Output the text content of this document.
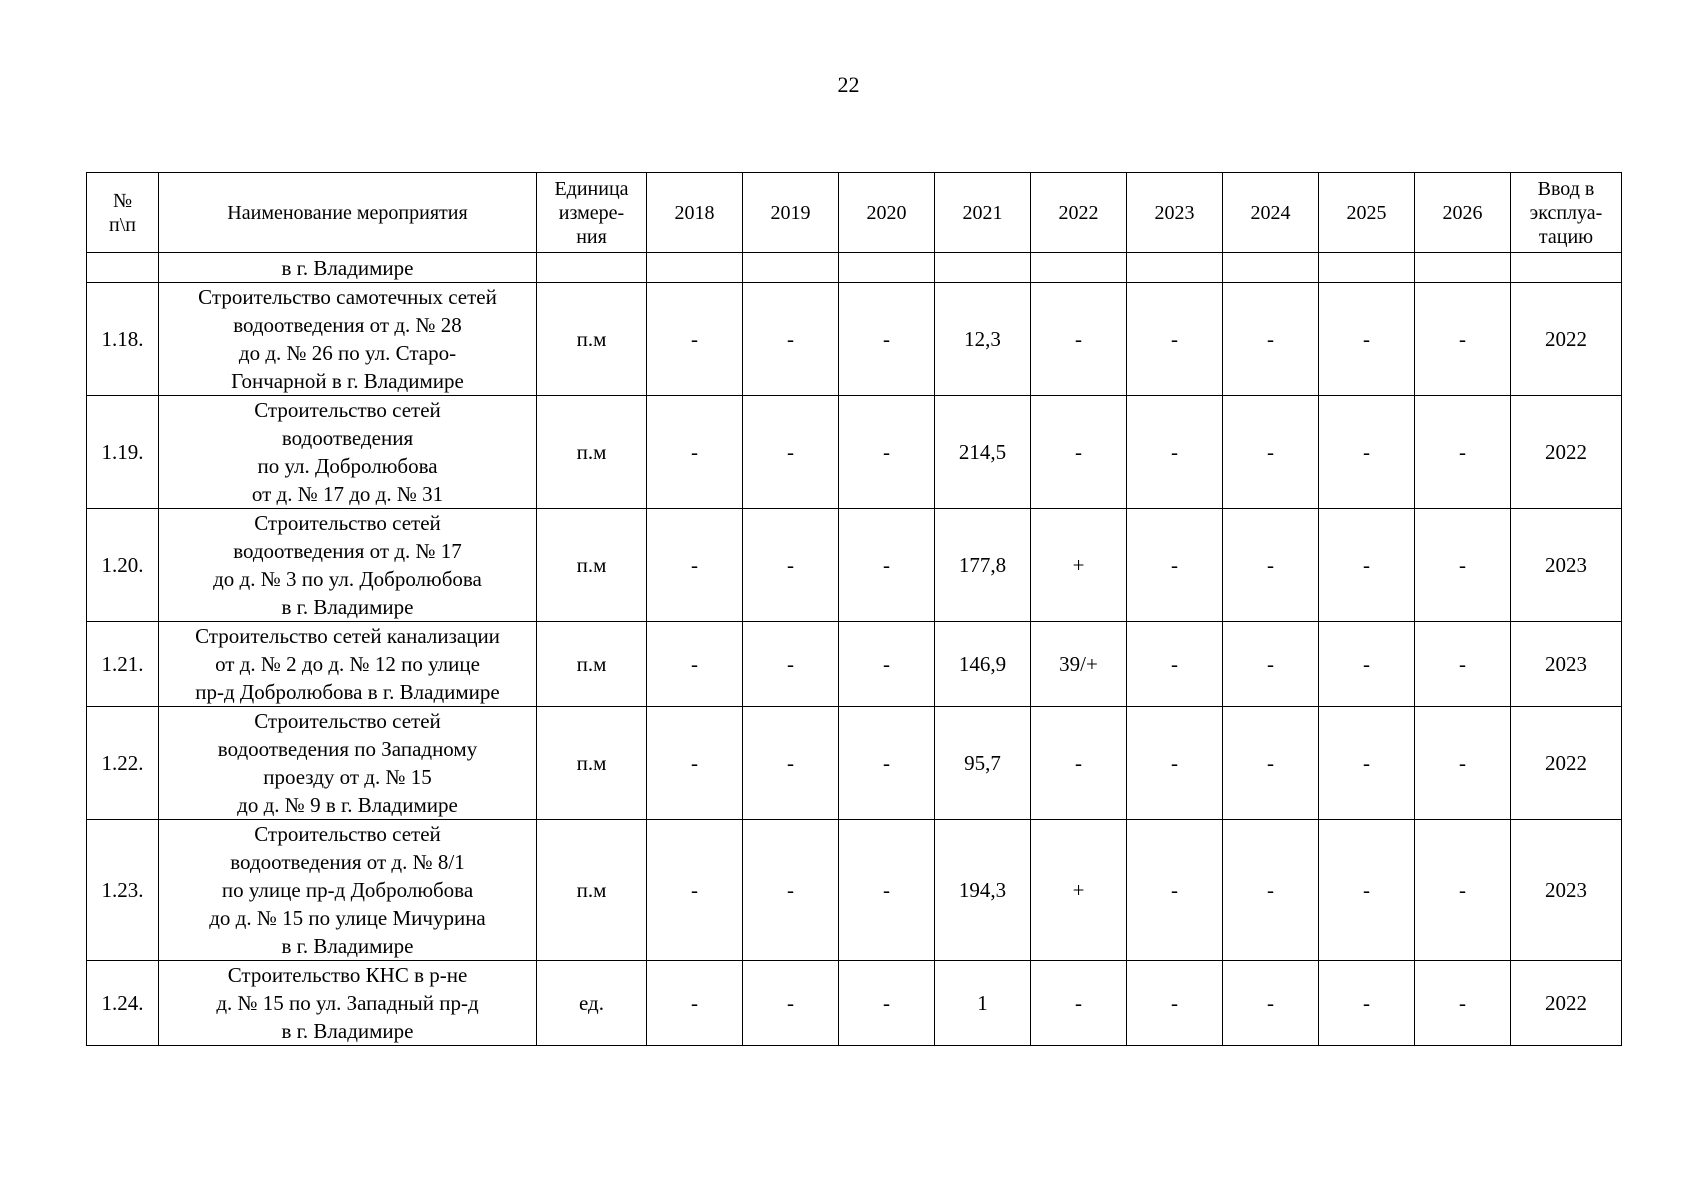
22
№
п\п	Наименование мероприятия	Единица
измере-
ния	2018	2019	2020	2021	2022	2023	2024	2025	2026	Ввод в
эксплуа-
тацию
	в г. Владимире											
1.18.	Строительство самотечных сетей
водоотведения от д. № 28
до д. № 26 по ул. Старо-
Гончарной в г. Владимире	п.м	-	-	-	12,3	-	-	-	-	-	2022
1.19.	Строительство сетей
водоотведения
по ул. Добролюбова
от д. № 17 до д. № 31	п.м	-	-	-	214,5	-	-	-	-	-	2022
1.20.	Строительство сетей
водоотведения от д. № 17
до д. № 3 по ул. Добролюбова
в г. Владимире	п.м	-	-	-	177,8	+	-	-	-	-	2023
1.21.	Строительство сетей канализации
от д. № 2 до д. № 12 по улице
пр-д Добролюбова в г. Владимире	п.м	-	-	-	146,9	39/+	-	-	-	-	2023
1.22.	Строительство сетей
водоотведения по Западному
проезду от д. № 15
до д. № 9 в г. Владимире	п.м	-	-	-	95,7	-	-	-	-	-	2022
1.23.	Строительство сетей
водоотведения от д. № 8/1
по улице пр-д Добролюбова
до д. № 15 по улице Мичурина
в г. Владимире	п.м	-	-	-	194,3	+	-	-	-	-	2023
1.24.	Строительство КНС в р-не
д. № 15 по ул. Западный пр-д
в г. Владимире	ед.	-	-	-	1	-	-	-	-	-	2022
